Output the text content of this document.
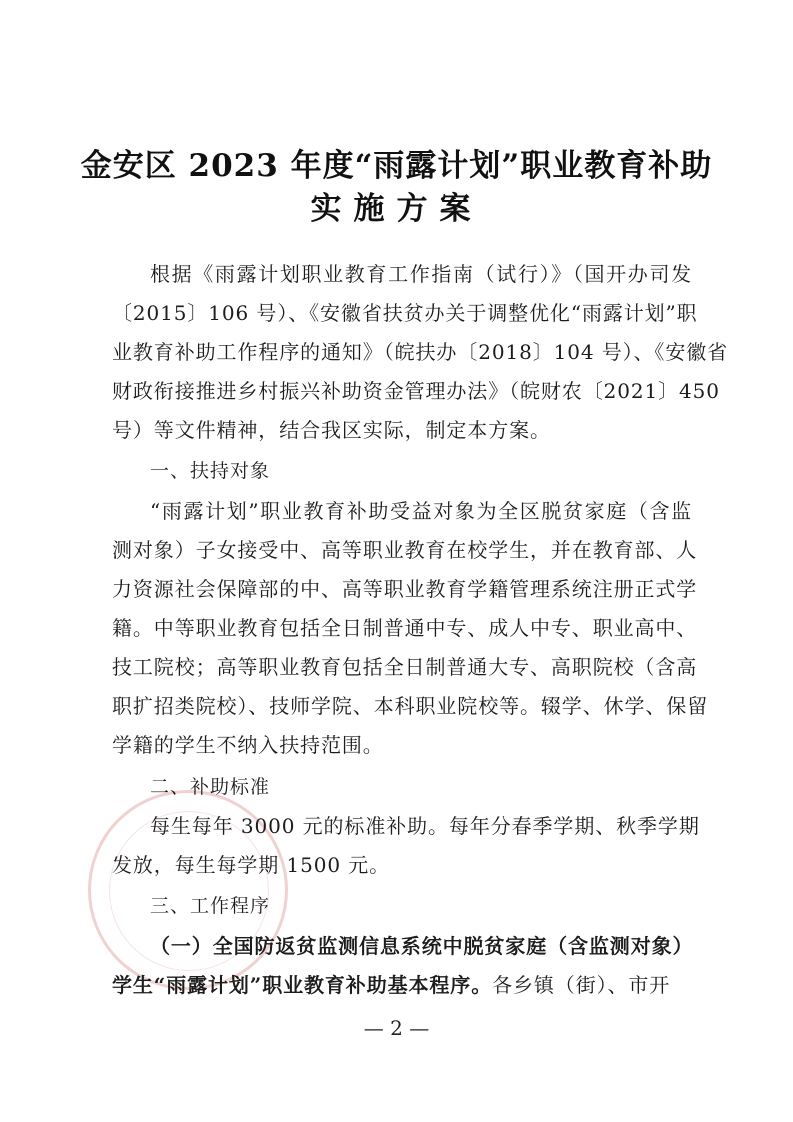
金安区 2023 年度“雨露计划”职业教育补助
实施方案
根据《雨露计划职业教育工作指南（试行）》（国开办司发
〔2015〕106 号）、《安徽省扶贫办关于调整优化“雨露计划”职
业教育补助工作程序的通知》（皖扶办〔2018〕104 号）、《安徽省
财政衔接推进乡村振兴补助资金管理办法》（皖财农〔2021〕450
号）等文件精神，结合我区实际，制定本方案。
一、扶持对象
“雨露计划”职业教育补助受益对象为全区脱贫家庭（含监
测对象）子女接受中、高等职业教育在校学生，并在教育部、人
力资源社会保障部的中、高等职业教育学籍管理系统注册正式学
籍。中等职业教育包括全日制普通中专、成人中专、职业高中、
技工院校；高等职业教育包括全日制普通大专、高职院校（含高
职扩招类院校）、技师学院、本科职业院校等。辍学、休学、保留
学籍的学生不纳入扶持范围。
二、补助标准
每生每年 3000 元的标准补助。每年分春季学期、秋季学期
发放，每生每学期 1500 元。
三、工作程序
（一）全国防返贫监测信息系统中脱贫家庭（含监测对象）
学生“雨露计划”职业教育补助基本程序。各乡镇（街）、市开
— 2 —
